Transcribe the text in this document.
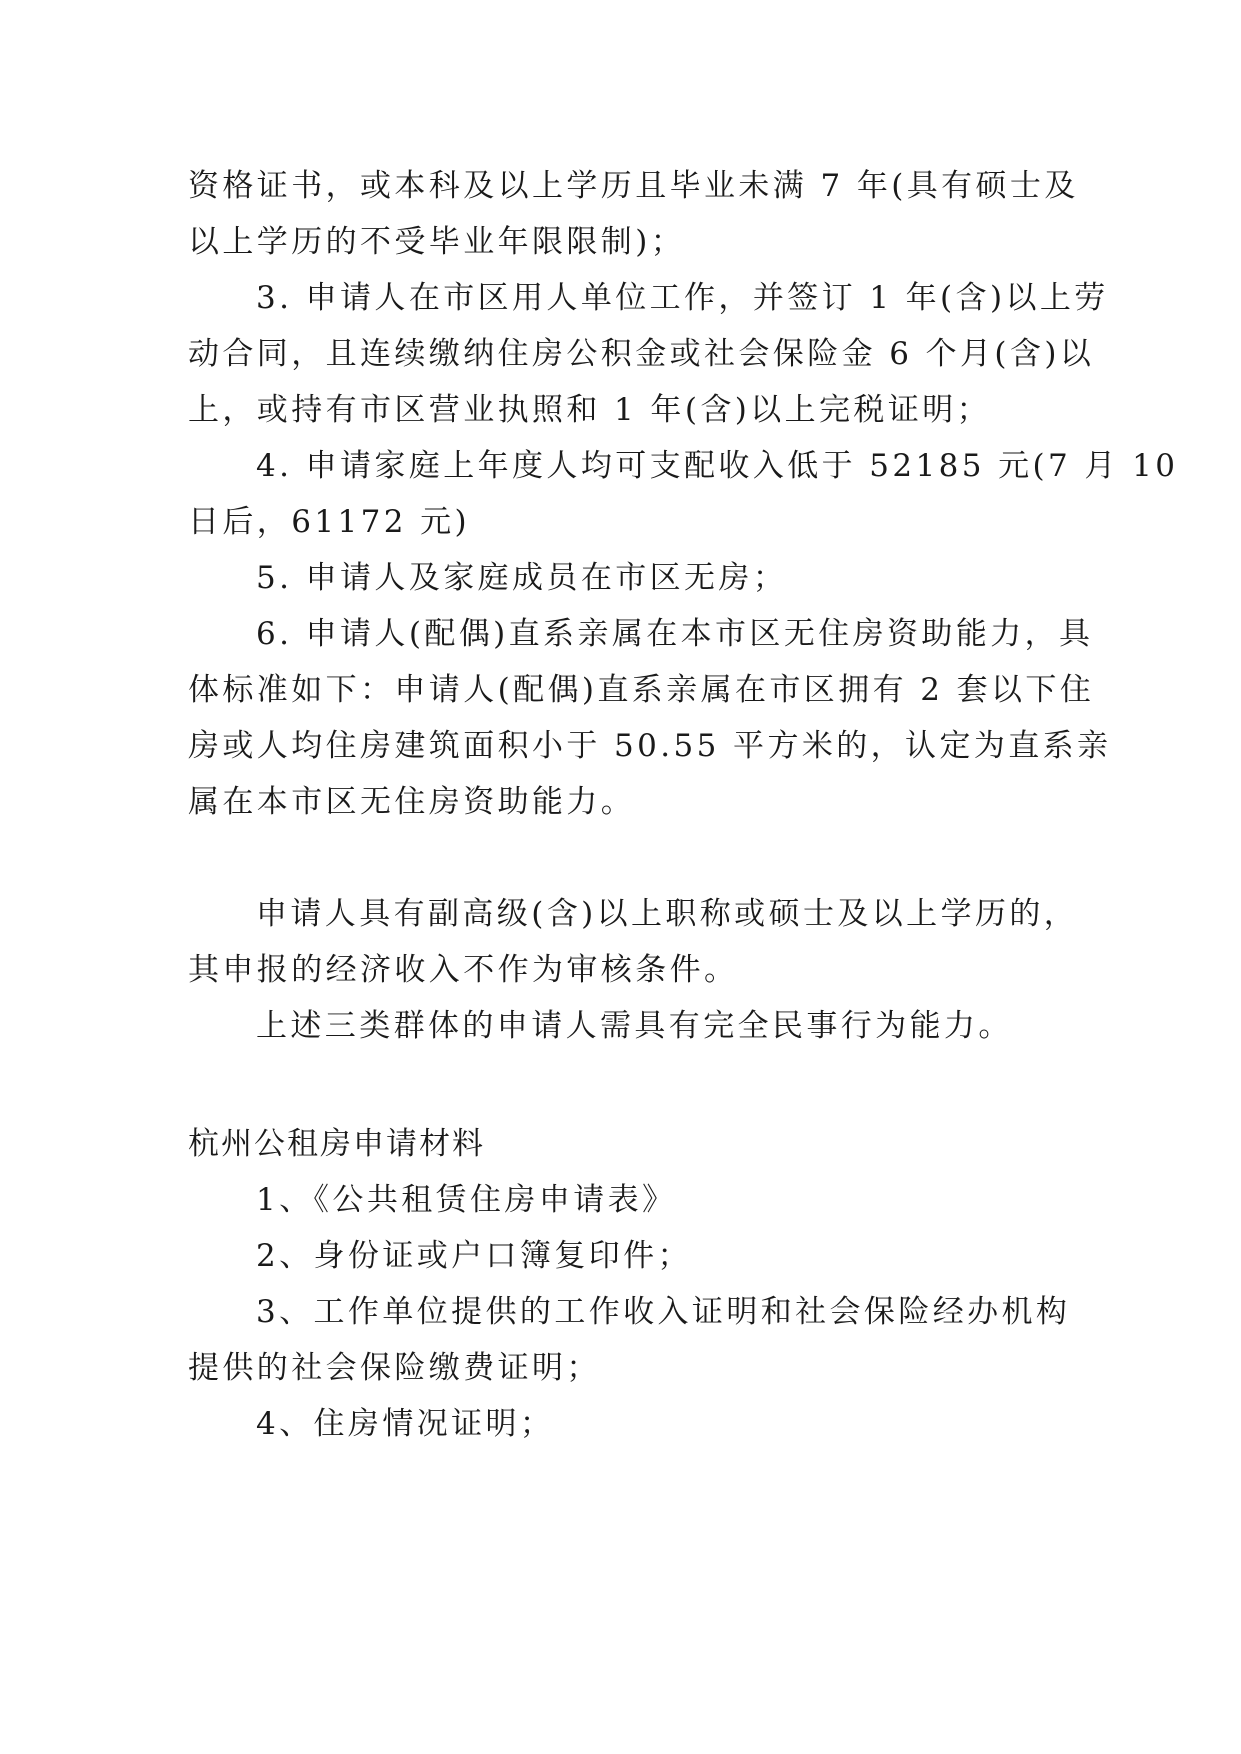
资格证书，或本科及以上学历且毕业未满 7 年(具有硕士及
以上学历的不受毕业年限限制)；
3. 申请人在市区用人单位工作，并签订 1 年(含)以上劳
动合同，且连续缴纳住房公积金或社会保险金 6 个月(含)以
上，或持有市区营业执照和 1 年(含)以上完税证明；
4. 申请家庭上年度人均可支配收入低于 52185 元(7 月 10
日后，61172 元)
5. 申请人及家庭成员在市区无房；
6. 申请人(配偶)直系亲属在本市区无住房资助能力，具
体标准如下：申请人(配偶)直系亲属在市区拥有 2 套以下住
房或人均住房建筑面积小于 50.55 平方米的，认定为直系亲
属在本市区无住房资助能力。
申请人具有副高级(含)以上职称或硕士及以上学历的，
其申报的经济收入不作为审核条件。
上述三类群体的申请人需具有完全民事行为能力。
杭州公租房申请材料
1、《公共租赁住房申请表》
2、身份证或户口簿复印件；
3、工作单位提供的工作收入证明和社会保险经办机构
提供的社会保险缴费证明；
4、住房情况证明；
